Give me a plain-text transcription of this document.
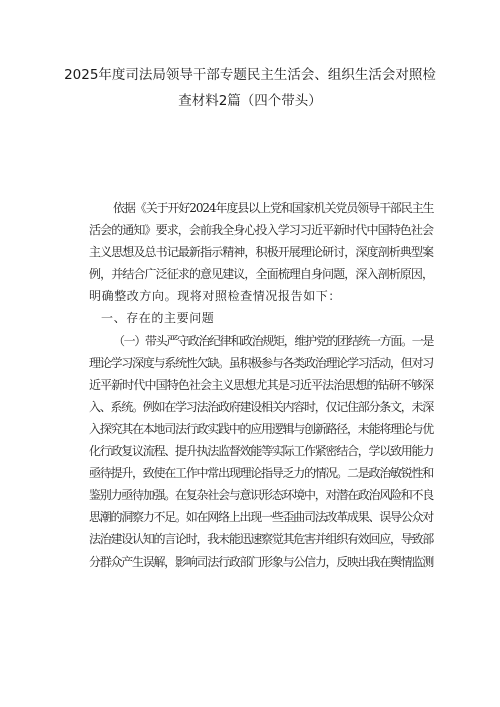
2025年度司法局领导干部专题民主生活会、组织生活会对照检
查材料2篇（四个带头）
依据《关于开好2024年度县以上党和国家机关党员领导干部民主生
活会的通知》要求，会前我全身心投入学习习近平新时代中国特色社会
主义思想及总书记最新指示精神，积极开展理论研讨，深度剖析典型案
例，并结合广泛征求的意见建议，全面梳理自身问题，深入剖析原因，
明确整改方向。现将对照检查情况报告如下：
一、存在的主要问题
（一）带头严守政治纪律和政治规矩，维护党的团结统一方面。一是
理论学习深度与系统性欠缺。虽积极参与各类政治理论学习活动，但对习
近平新时代中国特色社会主义思想尤其是习近平法治思想的钻研不够深
入、系统。例如在学习法治政府建设相关内容时，仅记住部分条文，未深
入探究其在本地司法行政实践中的应用逻辑与创新路径，未能将理论与优
化行政复议流程、提升执法监督效能等实际工作紧密结合，学以致用能力
亟待提升，致使在工作中常出现理论指导乏力的情况。二是政治敏锐性和
鉴别力亟待加强。在复杂社会与意识形态环境中，对潜在政治风险和不良
思潮的洞察力不足。如在网络上出现一些歪曲司法改革成果、误导公众对
法治建设认知的言论时，我未能迅速察觉其危害并组织有效回应，导致部
分群众产生误解，影响司法行政部门形象与公信力，反映出我在舆情监测
